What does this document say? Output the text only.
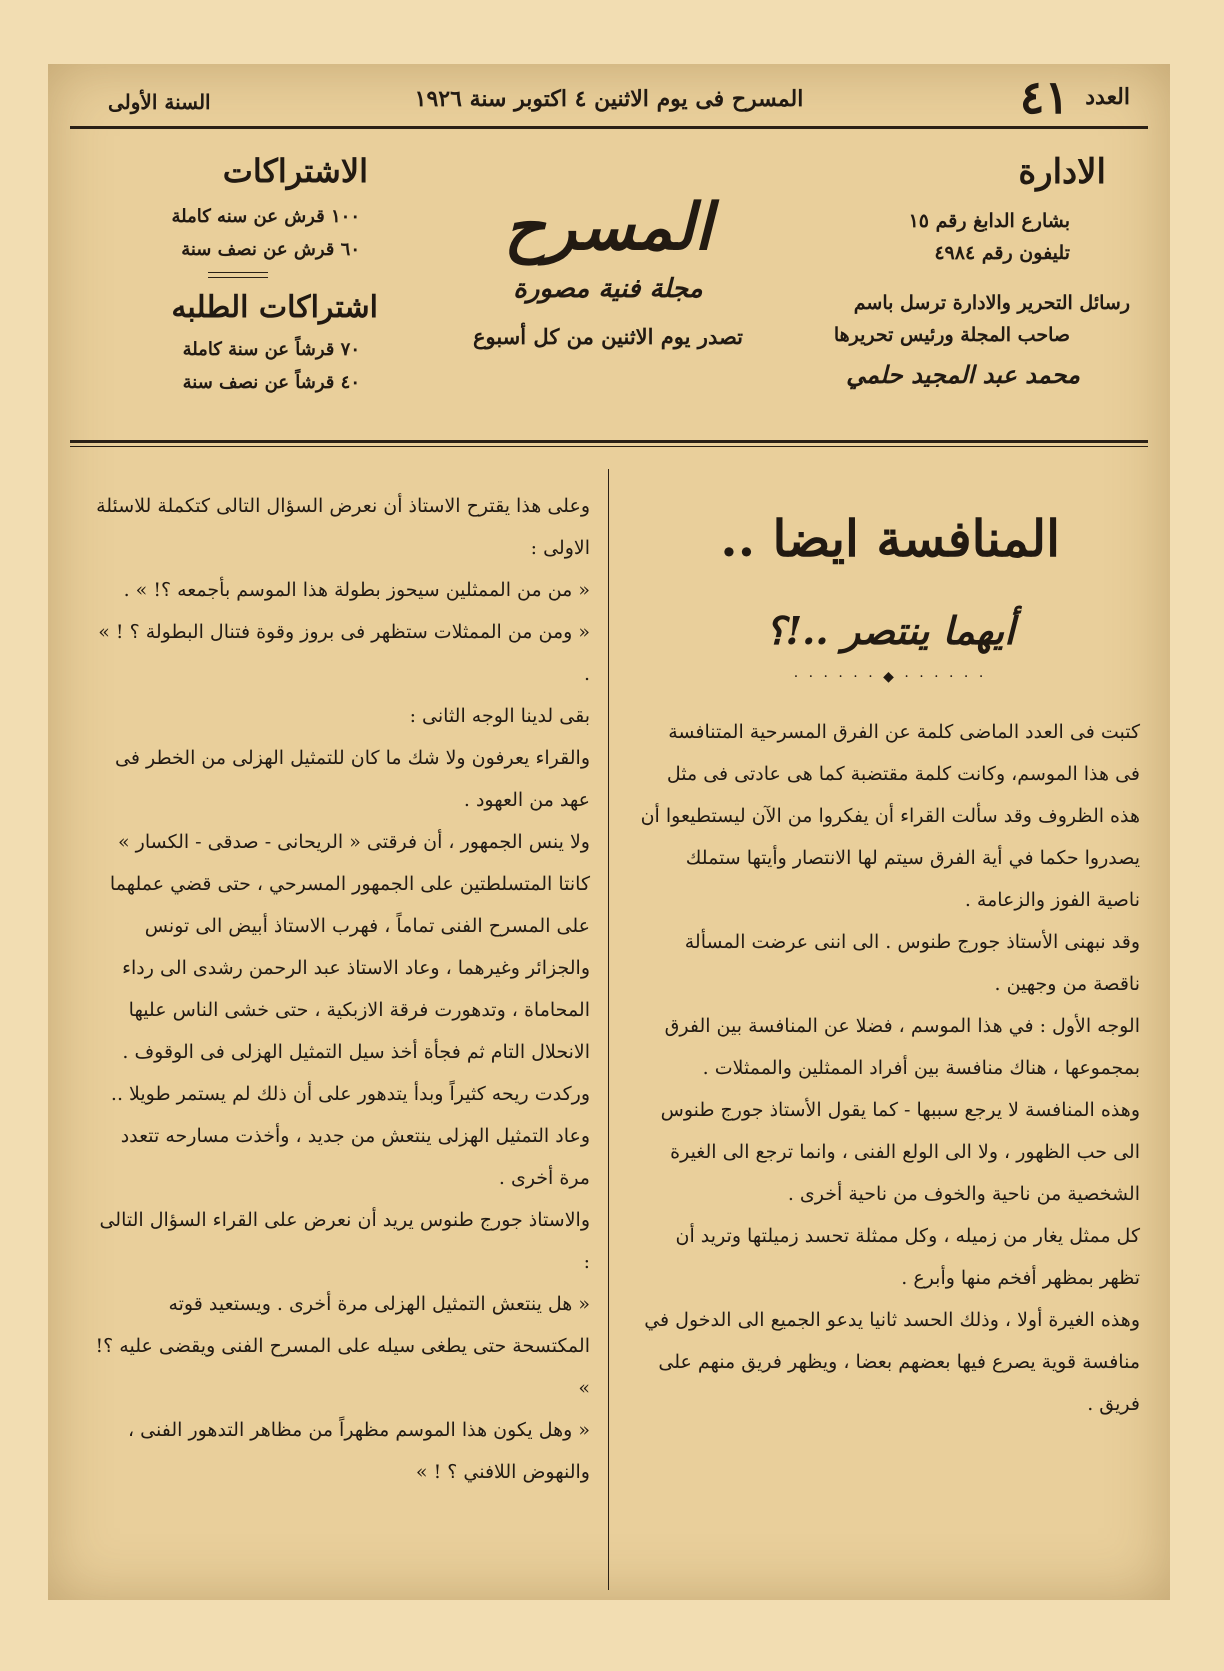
العدد
٤١
المسرح فى يوم الاثنين ٤ اكتوبر سنة ١٩٢٦
السنة الأولى
الادارة
بشارع الدابغ رقم ١٥
تليفون رقم ٤٩٨٤
رسائل التحرير والادارة ترسل باسم
صاحب المجلة ورئيس تحريرها
محمد عبد المجيد حلمي
المسرح
مجلة فنية مصورة
تصدر يوم الاثنين من كل أسبوع
الاشتراكات
١٠٠ قرش عن سنه كاملة
٦٠ قرش عن نصف سنة
اشتراكات الطلبه
٧٠ قرشاً عن سنة كاملة
٤٠ قرشاً عن نصف سنة
المنافسة ايضا ..
أيهما ينتصر ..!؟
· · · · · · ◆ · · · · · ·

كتبت فى العدد الماضى كلمة عن الفرق المسرحية المتنافسة فى هذا الموسم، وكانت كلمة مقتضبة كما هى عادتى فى مثل هذه الظروف وقد سألت القراء أن يفكروا من الآن ليستطيعوا أن يصدروا حكما في أية الفرق سيتم لها الانتصار وأيتها ستملك ناصية الفوز والزعامة .

وقد نبهنى الأستاذ جورج طنوس . الى اننى عرضت المسألة ناقصة من وجهين .

الوجه الأول : في هذا الموسم ، فضلا عن المنافسة بين الفرق بمجموعها ، هناك منافسة بين أفراد الممثلين والممثلات .

وهذه المنافسة لا يرجع سببها - كما يقول الأستاذ جورج طنوس الى حب الظهور ، ولا الى الولع الفنى ، وانما ترجع الى الغيرة الشخصية من ناحية والخوف من ناحية أخرى .

كل ممثل يغار من زميله ، وكل ممثلة تحسد زميلتها وتريد أن تظهر بمظهر أفخم منها وأبرع .

وهذه الغيرة أولا ، وذلك الحسد ثانيا يدعو الجميع الى الدخول في منافسة قوية يصرع فيها بعضهم بعضا ، ويظهر فريق منهم على فريق .

وعلى هذا يقترح الاستاذ أن نعرض السؤال التالى كتكملة للاسئلة الاولى :

« من من الممثلين سيحوز بطولة هذا الموسم بأجمعه ؟! » .

« ومن من الممثلات ستظهر فى بروز وقوة فتنال البطولة ؟ ! » .

بقى لدينا الوجه الثانى :

والقراء يعرفون ولا شك ما كان للتمثيل الهزلى من الخطر فى عهد من العهود .

ولا ينس الجمهور ، أن فرقتى « الريحانى - صدقى - الكسار » كانتا المتسلطتين على الجمهور المسرحي ، حتى قضي عملهما على المسرح الفنى تماماً ، فهرب الاستاذ أبيض الى تونس والجزائر وغيرهما ، وعاد الاستاذ عبد الرحمن رشدى الى رداء المحاماة ، وتدهورت فرقة الازبكية ، حتى خشى الناس عليها الانحلال التام ثم فجأة أخذ سيل التمثيل الهزلى فى الوقوف . وركدت ريحه كثيراً وبدأ يتدهور على أن ذلك لم يستمر طويلا ..

وعاد التمثيل الهزلى ينتعش من جديد ، وأخذت مسارحه تتعدد مرة أخرى .

والاستاذ جورج طنوس يريد أن نعرض على القراء السؤال التالى :

« هل ينتعش التمثيل الهزلى مرة أخرى . ويستعيد قوته المكتسحة حتى يطغى سيله على المسرح الفنى ويقضى عليه ؟! »

« وهل يكون هذا الموسم مظهراً من مظاهر التدهور الفنى ، والنهوض اللافني ؟ ! »
